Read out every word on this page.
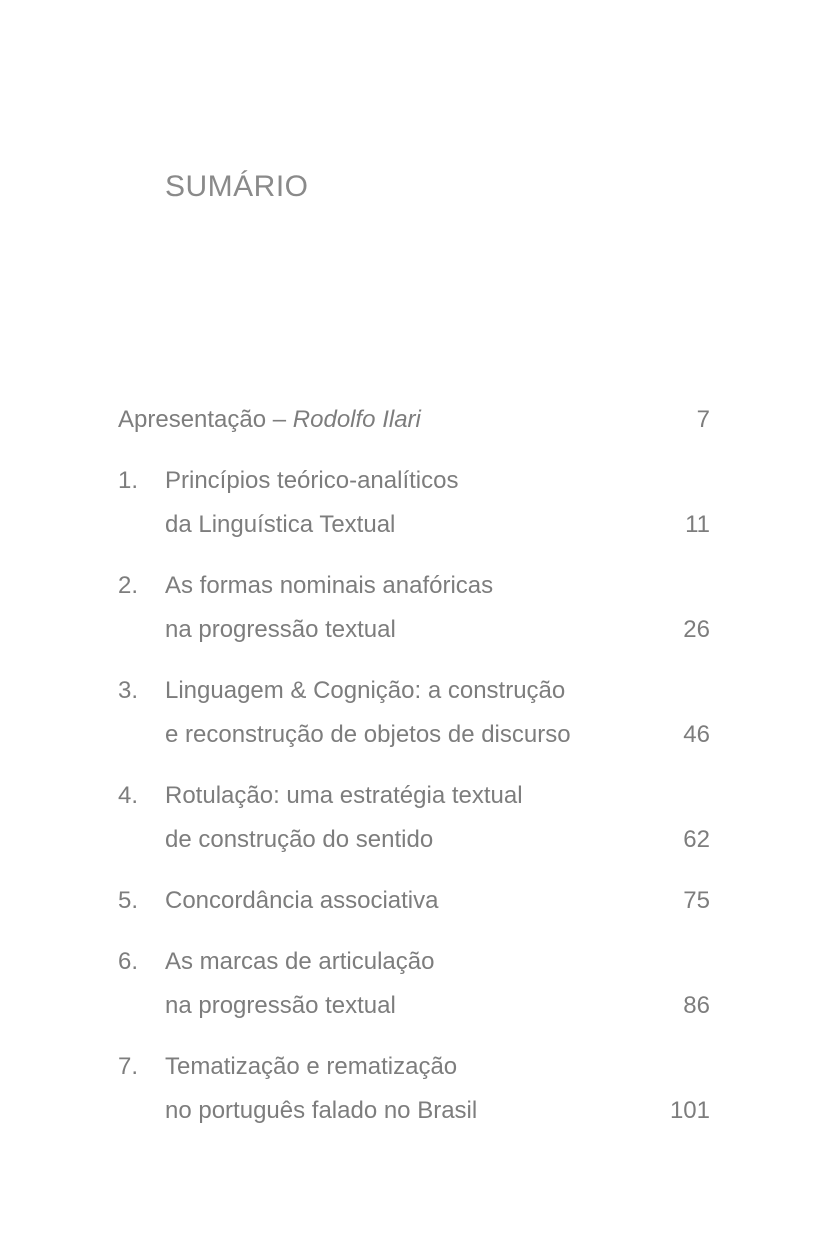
SUMÁRIO
Apresentação – Rodolfo Ilari	7
1. Princípios teórico-analíticos
da Linguística Textual	11
2. As formas nominais anafóricas
na progressão textual	26
3. Linguagem & Cognição: a construção
e reconstrução de objetos de discurso	46
4. Rotulação: uma estratégia textual
de construção do sentido	62
5. Concordância associativa	75
6. As marcas de articulação
na progressão textual	86
7. Tematização e rematização
no português falado no Brasil	101
